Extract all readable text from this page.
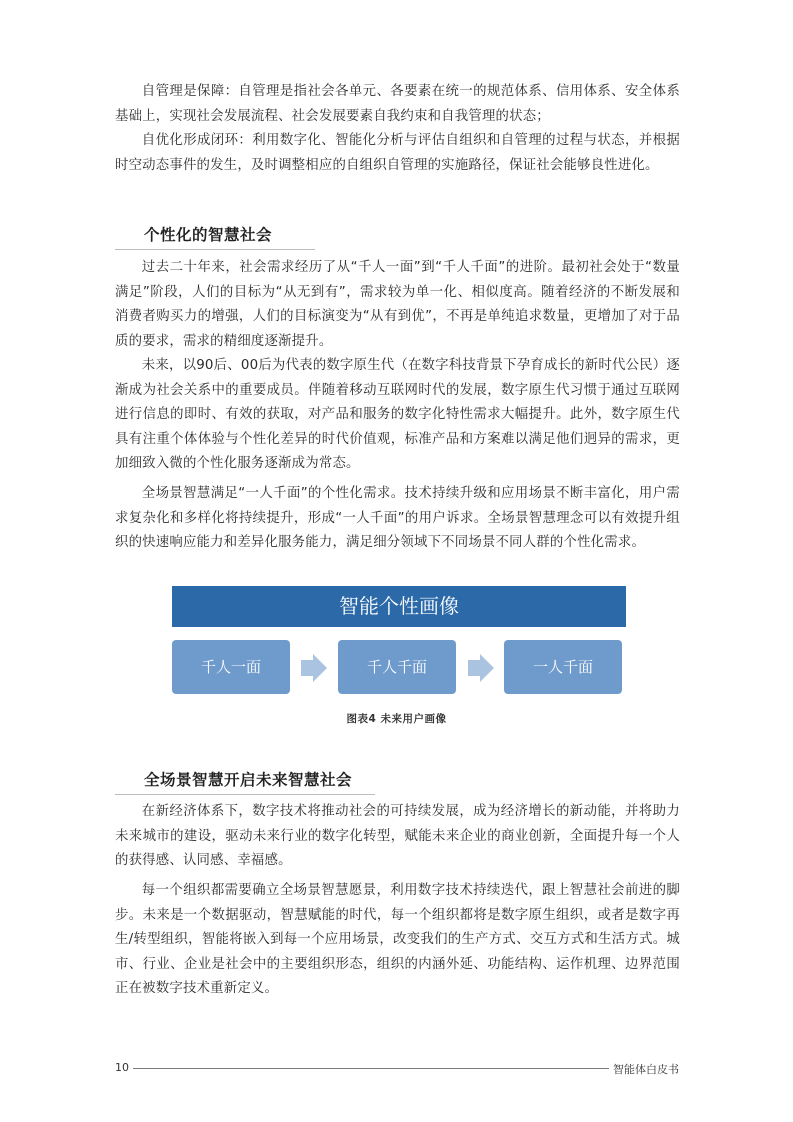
自管理是保障：自管理是指社会各单元、各要素在统一的规范体系、信用体系、安全体系基础上，实现社会发展流程、社会发展要素自我约束和自我管理的状态；

自优化形成闭环：利用数字化、智能化分析与评估自组织和自管理的过程与状态，并根据时空动态事件的发生，及时调整相应的自组织自管理的实施路径，保证社会能够良性进化。

个性化的智慧社会

过去二十年来，社会需求经历了从“千人一面”到“千人千面”的进阶。最初社会处于“数量满足”阶段，人们的目标为“从无到有”，需求较为单一化、相似度高。随着经济的不断发展和消费者购买力的增强，人们的目标演变为“从有到优”，不再是单纯追求数量，更增加了对于品质的要求，需求的精细度逐渐提升。

未来，以90后、00后为代表的数字原生代（在数字科技背景下孕育成长的新时代公民）逐渐成为社会关系中的重要成员。伴随着移动互联网时代的发展，数字原生代习惯于通过互联网进行信息的即时、有效的获取，对产品和服务的数字化特性需求大幅提升。此外，数字原生代具有注重个体体验与个性化差异的时代价值观，标准产品和方案难以满足他们迥异的需求，更加细致入微的个性化服务逐渐成为常态。

全场景智慧满足“一人千面”的个性化需求。技术持续升级和应用场景不断丰富化，用户需求复杂化和多样化将持续提升，形成“一人千面”的用户诉求。全场景智慧理念可以有效提升组织的快速响应能力和差异化服务能力，满足细分领域下不同场景不同人群的个性化需求。

智能个性画像
千人一面	千人千面	一人千面
图表4 未来用户画像
全场景智慧开启未来智慧社会

在新经济体系下，数字技术将推动社会的可持续发展，成为经济增长的新动能，并将助力未来城市的建设，驱动未来行业的数字化转型，赋能未来企业的商业创新，全面提升每一个人的获得感、认同感、幸福感。

每一个组织都需要确立全场景智慧愿景，利用数字技术持续迭代，跟上智慧社会前进的脚步。未来是一个数据驱动，智慧赋能的时代，每一个组织都将是数字原生组织，或者是数字再生/转型组织，智能将嵌入到每一个应用场景，改变我们的生产方式、交互方式和生活方式。城市、行业、企业是社会中的主要组织形态，组织的内涵外延、功能结构、运作机理、边界范围正在被数字技术重新定义。

10	智能体白皮书
